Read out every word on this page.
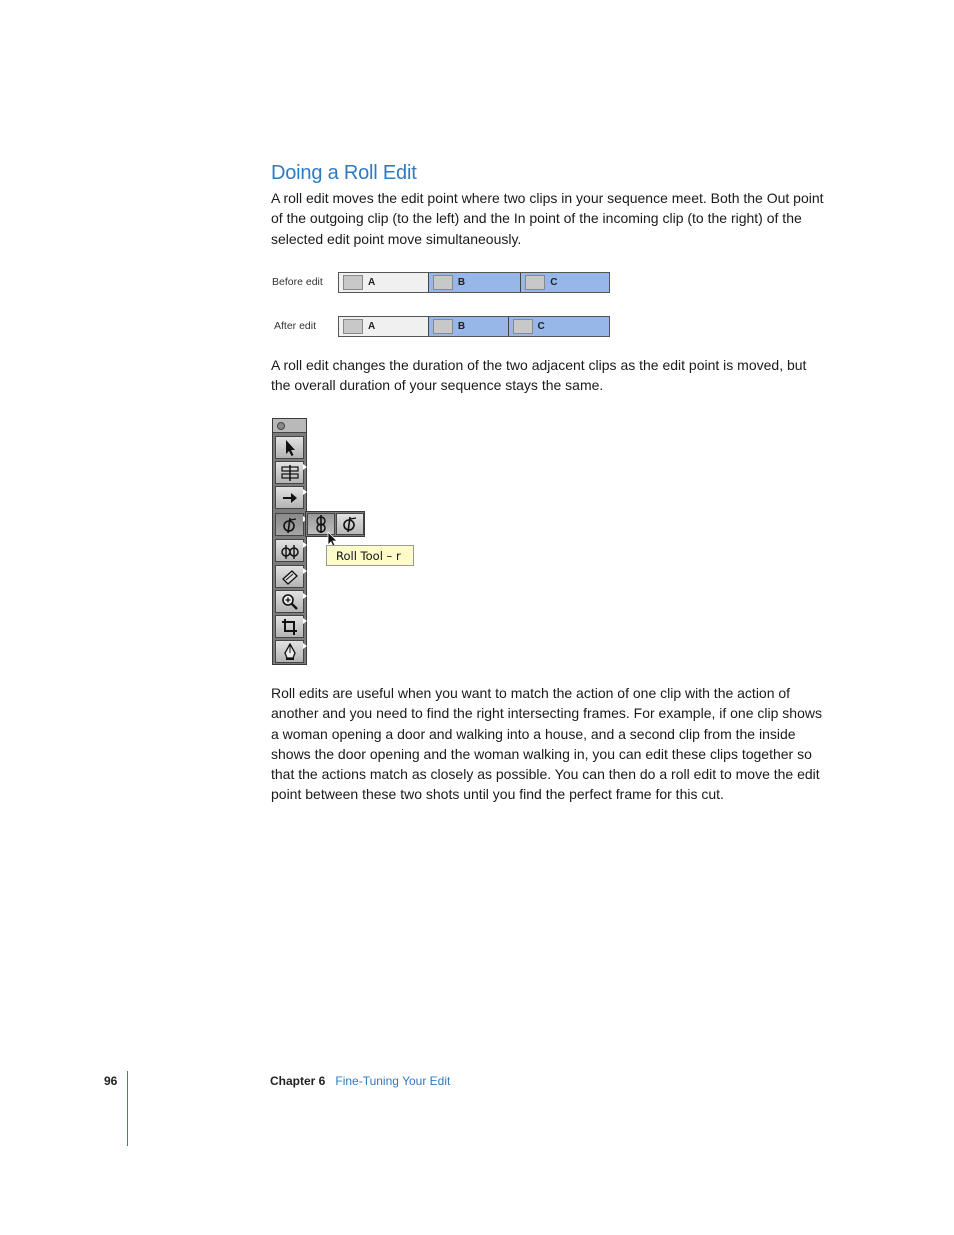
Doing a Roll Edit

A roll edit moves the edit point where two clips in your sequence meet. Both the Out point of the outgoing clip (to the left) and the In point of the incoming clip (to the right) of the selected edit point move simultaneously.

Before edit	A	B	C
After edit	A	B	C

A roll edit changes the duration of the two adjacent clips as the edit point is moved, but the overall duration of your sequence stays the same.

Roll Tool – r

Roll edits are useful when you want to match the action of one clip with the action of another and you need to find the right intersecting frames. For example, if one clip shows a woman opening a door and walking into a house, and a second clip from the inside shows the door opening and the woman walking in, you can edit these clips together so that the actions match as closely as possible. You can then do a roll edit to move the edit point between these two shots until you find the perfect frame for this cut.

96	Chapter 6 Fine-Tuning Your Edit
